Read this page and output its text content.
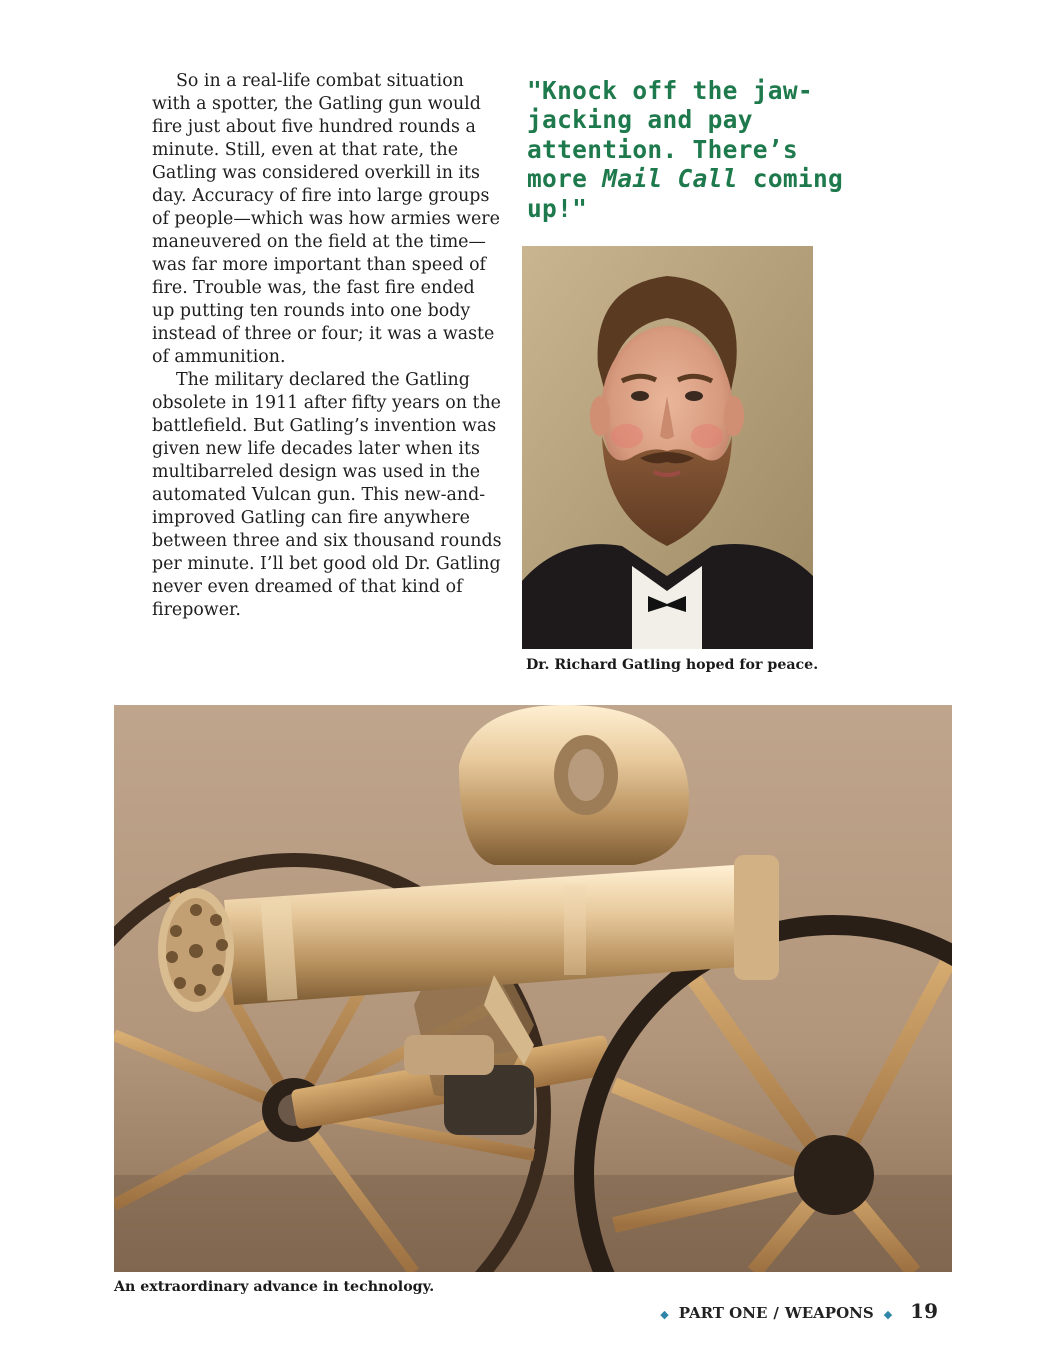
So in a real-life combat situation with a spotter, the Gatling gun would fire just about five hundred rounds a minute. Still, even at that rate, the Gatling was considered overkill in its day. Accuracy of fire into large groups of people—which was how armies were maneuvered on the field at the time—was far more important than speed of fire. Trouble was, the fast fire ended up putting ten rounds into one body instead of three or four; it was a waste of ammunition.

The military declared the Gatling obsolete in 1911 after fifty years on the battlefield. But Gatling’s invention was given new life decades later when its multibarreled design was used in the automated Vulcan gun. This new-and-improved Gatling can fire anywhere between three and six thousand rounds per minute. I’ll bet good old Dr. Gatling never even dreamed of that kind of firepower.

"Knock off the jaw-jacking and pay attention. There’s more Mail Call coming up!"
Dr. Richard Gatling hoped for peace.
An extraordinary advance in technology.
◆ PART ONE / WEAPONS ◆ 19
